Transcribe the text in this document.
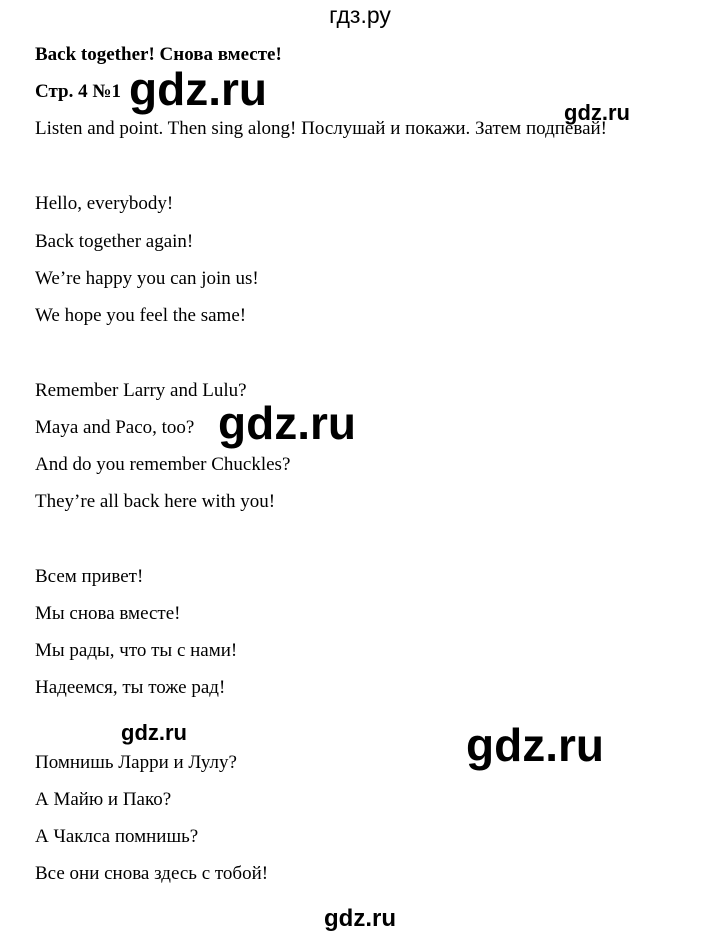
гдз.ру
Back together! Снова вместе!
Стр. 4 №1
Listen and point. Then sing along! Послушай и покажи. Затем подпевай!
Hello, everybody!
Back together again!
We’re happy you can join us!
We hope you feel the same!
Remember Larry and Lulu?
Maya and Paco, too?
And do you remember Chuckles?
They’re all back here with you!
Всем привет!
Мы снова вместе!
Мы рады, что ты с нами!
Надеемся, ты тоже рад!
Помнишь Ларри и Лулу?
А Майю и Пако?
А Чаклса помнишь?
Все они снова здесь с тобой!
gdz.ru	gdz.ru
gdz.ru
gdz.ru	gdz.ru
gdz.ru
